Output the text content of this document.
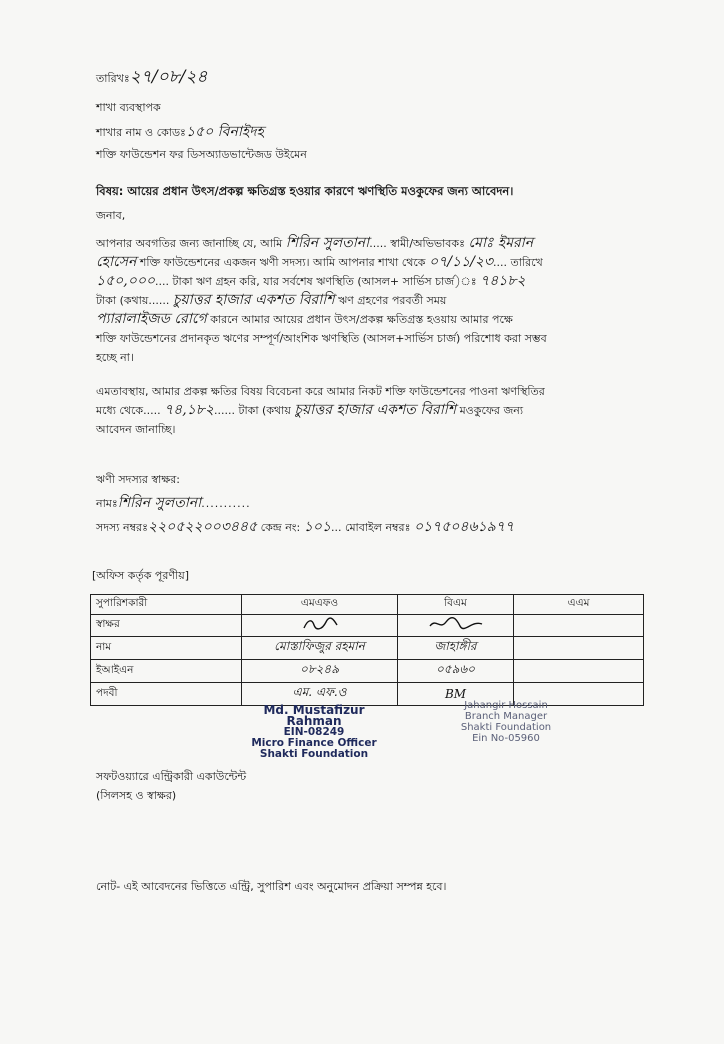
তারিখঃ২৭/০৮/২৪
শাখা ব্যবস্থাপক
শাখার নাম ও কোডঃ১৫০ বিনাইদহ
শক্তি ফাউন্ডেশন ফর ডিসঅ্যাডভান্টেজড উইমেন
বিষয়: আয়ের প্রধান উৎস/প্রকল্প ক্ষতিগ্রস্ত হওয়ার কারণে ঋণস্থিতি মওকুফের জন্য আবেদন।
জনাব,
আপনার অবগতির জন্য জানাচ্ছি যে, আমি শিরিন সুলতানা..... স্বামী/অভিভাবকঃ মোঃ ইমরান
হোসেন শক্তি ফাউন্ডেশনের একজন ঋণী সদস্য। আমি আপনার শাখা থেকে ০৭/১১/২৩.... তারিখে
১৫০,০০০.... টাকা ঋণ গ্রহন করি, যার সর্বশেষ ঋণস্থিতি (আসল+ সার্ভিস চার্জ)ঃ ৭৪১৮২
টাকা (কথায়...... চুয়াত্তর হাজার একশত বিরাশি ঋণ গ্রহণের পরবর্তী সময়
প্যারালাইজড রোগে কারনে আমার আয়ের প্রধান উৎস/প্রকল্প ক্ষতিগ্রস্ত হওয়ায় আমার পক্ষে
শক্তি ফাউন্ডেশনের প্রদানকৃত ঋণের সম্পূর্ণ/আংশিক ঋণস্থিতি (আসল+সার্ভিস চার্জ) পরিশোধ করা সম্ভব
হচ্ছে না।
এমতাবস্থায়, আমার প্রকল্প ক্ষতির বিষয় বিবেচনা করে আমার নিকট শক্তি ফাউন্ডেশনের পাওনা ঋণস্থিতির
মধ্যে থেকে..... ৭৪,১৮২...... টাকা (কথায় চুয়াত্তর হাজার একশত বিরাশি মওকুফের জন্য
আবেদন জানাচ্ছি।
ঋণী সদস্যর স্বাক্ষর:
নামঃশিরিন সুলতানা...........
সদস্য নম্বরঃ২২০৫২২০০৩৪৪৫ কেন্দ্র নং: ১০১... মোবাইল নম্বরঃ ০১৭৫০৪৬১৯৭৭
[অফিস কর্তৃক পূরণীয়]
সুপারিশকারী	এমএফও	বিএম	এএম
স্বাক্ষর			
নাম	মোস্তাফিজুর রহমান	জাহাঙ্গীর	
ইআইএন	০৮২৪৯	০৫৯৬০	
পদবী	এম. এফ.ও	BM	
Md. Mustafizur Rahman
EIN-08249
Micro Finance Officer
Shakti Foundation
Jahangir Hossain
Branch Manager
Shakti Foundation
Ein No-05960
সফটওয়্যারে এন্ট্রিকারী একাউন্টেন্ট
(সিলসহ ও স্বাক্ষর)
নোট- এই আবেদনের ভিত্তিতে এন্ট্রি, সুপারিশ এবং অনুমোদন প্রক্রিয়া সম্পন্ন হবে।
